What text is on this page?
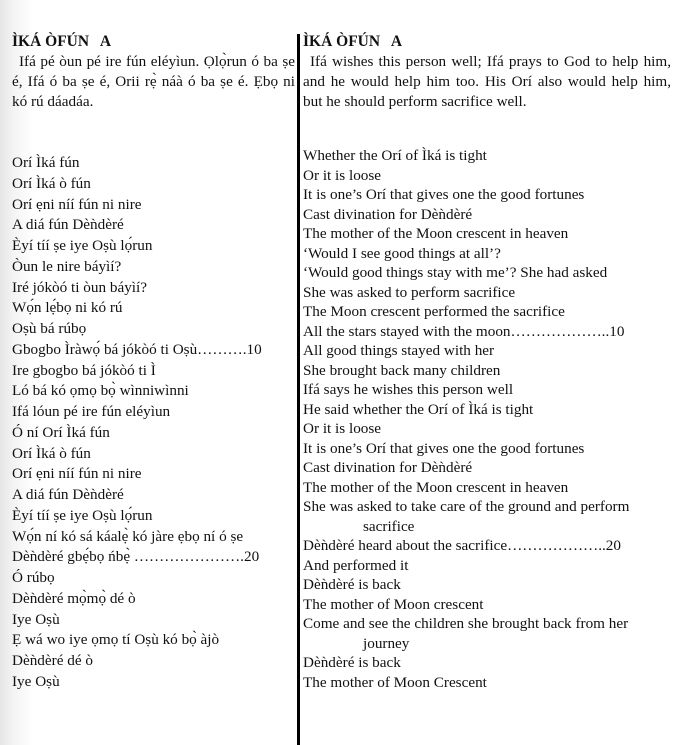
ÌKÁ ÒFÚN   A
Ifá pé òun pé ire fún eléyìun. Ọlọ̀run ó ba ṣe é, Ifá ó ba ṣe é, Orii rẹ̀ náà ó ba ṣe é. Ẹbọ ni kó rú dáadáa.
Orí Ìká fún
Orí Ìká ò fún
Orí ẹni níí fún ni nire
A diá fún Dèǹdèré
Èyí tíí ṣe iye Oṣù lọ́run
Òun le nire báyìí?
Iré jókòó ti òun báyìí?
Wọ́n lẹ́bọ ni kó rú
Oṣù bá rúbọ
Gbogbo Ìràwọ́ bá jókòó ti Oṣù……….10
Ire gbogbo bá jókòó ti Ì
Ló bá kó ọmọ bọ̀ wìnniwìnni
Ifá lóun pé ire fún eléyìun
Ó ní Orí Ìká fún
Orí Ìká ò fún
Orí ẹni níí fún ni nire
A diá fún Dèǹdèré
Èyí tíí ṣe iye Oṣù lọ́run
Wọ́n ní kó sá káalẹ̀ kó jàre ẹbọ ní ó ṣe
Dèǹdèré gbẹ́bọ ńbẹ̀ ………………….20
Ó rúbọ
Dèǹdèré mọ̀mọ̀ dé ò
Iye Oṣù
Ẹ wá wo iye ọmọ tí Oṣù kó bọ̀ àjò
Dèǹdèré dé ò
Iye Oṣù
ÌKÁ ÒFÚN   A
Ifá wishes this person well; Ifá prays to God to help him, and he would help him too. His Orí also would help him, but he should perform sacrifice well.
Whether the Orí of Ìká is tight
Or it is loose
It is one’s Orí that gives one the good fortunes
Cast divination for Dèǹdèré
The mother of the Moon crescent in heaven
‘Would I see good things at all’?
‘Would good things stay with me’? She had asked
She was asked to perform sacrifice
The Moon crescent performed the sacrifice
All the stars stayed with the moon………………..10
All good things stayed with her
She brought back many children
Ifá says he wishes this person well
He said whether the Orí of Ìká is tight
Or it is loose
It is one’s Orí that gives one the good fortunes
Cast divination for Dèǹdèré
The mother of the Moon crescent in heaven
She was asked to take care of the ground and perform
sacrifice
Dèǹdèré heard about the sacrifice………………..20
And performed it
Dèǹdèré is back
The mother of Moon crescent
Come and see the children she brought back from her
journey
Dèǹdèré is back
The mother of Moon Crescent
